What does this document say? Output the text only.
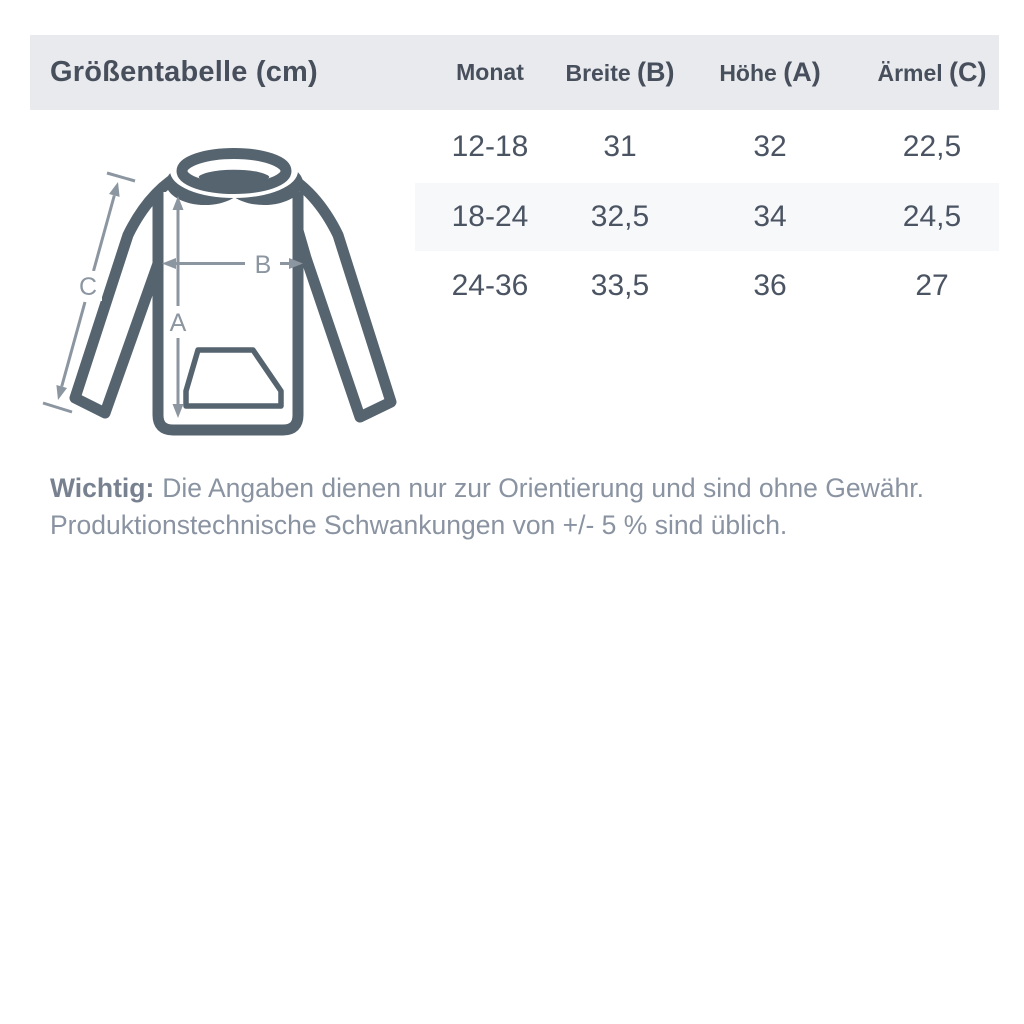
Größentabelle (cm)	Monat	Breite (B)	Höhe (A)	Ärmel (C)
12-18	31	32	22,5
18-24	32,5	34	24,5
24-36	33,5	36	27
A
B
C

Wichtig: Die Angaben dienen nur zur Orientierung und sind ohne Gewähr.
Produktionstechnische Schwankungen von +/- 5 % sind üblich.
